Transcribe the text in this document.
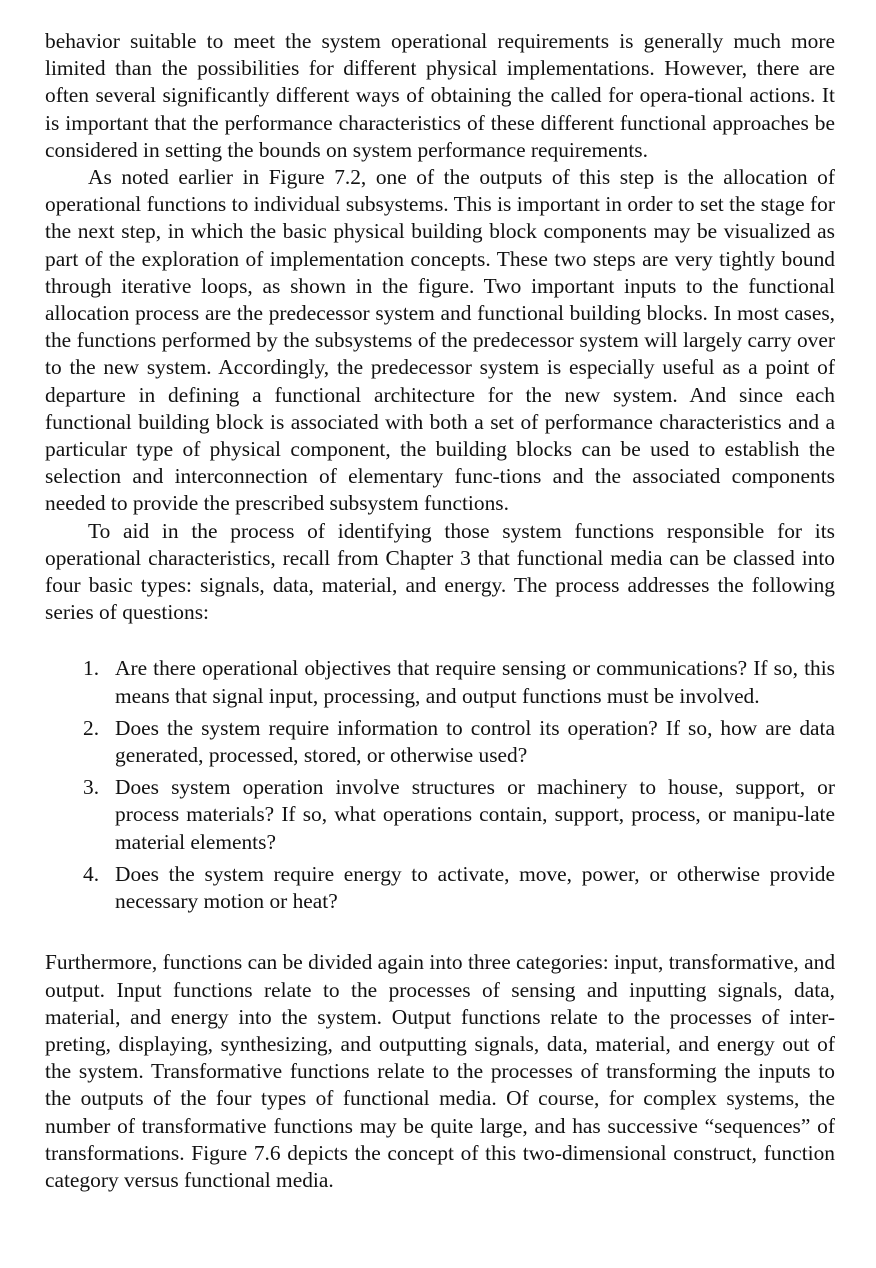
behavior suitable to meet the system operational requirements is generally much more limited than the possibilities for different physical implementations. However, there are often several significantly different ways of obtaining the called for opera-tional actions. It is important that the performance characteristics of these different functional approaches be considered in setting the bounds on system performance requirements.

As noted earlier in Figure 7.2, one of the outputs of this step is the allocation of operational functions to individual subsystems. This is important in order to set the stage for the next step, in which the basic physical building block components may be visualized as part of the exploration of implementation concepts. These two steps are very tightly bound through iterative loops, as shown in the figure. Two important inputs to the functional allocation process are the predecessor system and functional building blocks. In most cases, the functions performed by the subsystems of the predecessor system will largely carry over to the new system. Accordingly, the predecessor system is especially useful as a point of departure in defining a functional architecture for the new system. And since each functional building block is associated with both a set of performance characteristics and a particular type of physical component, the building blocks can be used to establish the selection and interconnection of elementary func-tions and the associated components needed to provide the prescribed subsystem functions.

To aid in the process of identifying those system functions responsible for its operational characteristics, recall from Chapter 3 that functional media can be classed into four basic types: signals, data, material, and energy. The process addresses the following series of questions:

1. Are there operational objectives that require sensing or communications? If so, this means that signal input, processing, and output functions must be involved.
2. Does the system require information to control its operation? If so, how are data generated, processed, stored, or otherwise used?
3. Does system operation involve structures or machinery to house, support, or process materials? If so, what operations contain, support, process, or manipu-late material elements?
4. Does the system require energy to activate, move, power, or otherwise provide necessary motion or heat?

Furthermore, functions can be divided again into three categories: input, transformative, and output. Input functions relate to the processes of sensing and inputting signals, data, material, and energy into the system. Output functions relate to the processes of inter-preting, displaying, synthesizing, and outputting signals, data, material, and energy out of the system. Transformative functions relate to the processes of transforming the inputs to the outputs of the four types of functional media. Of course, for complex systems, the number of transformative functions may be quite large, and has successive “sequences” of transformations. Figure 7.6 depicts the concept of this two-dimensional construct, function category versus functional media.
